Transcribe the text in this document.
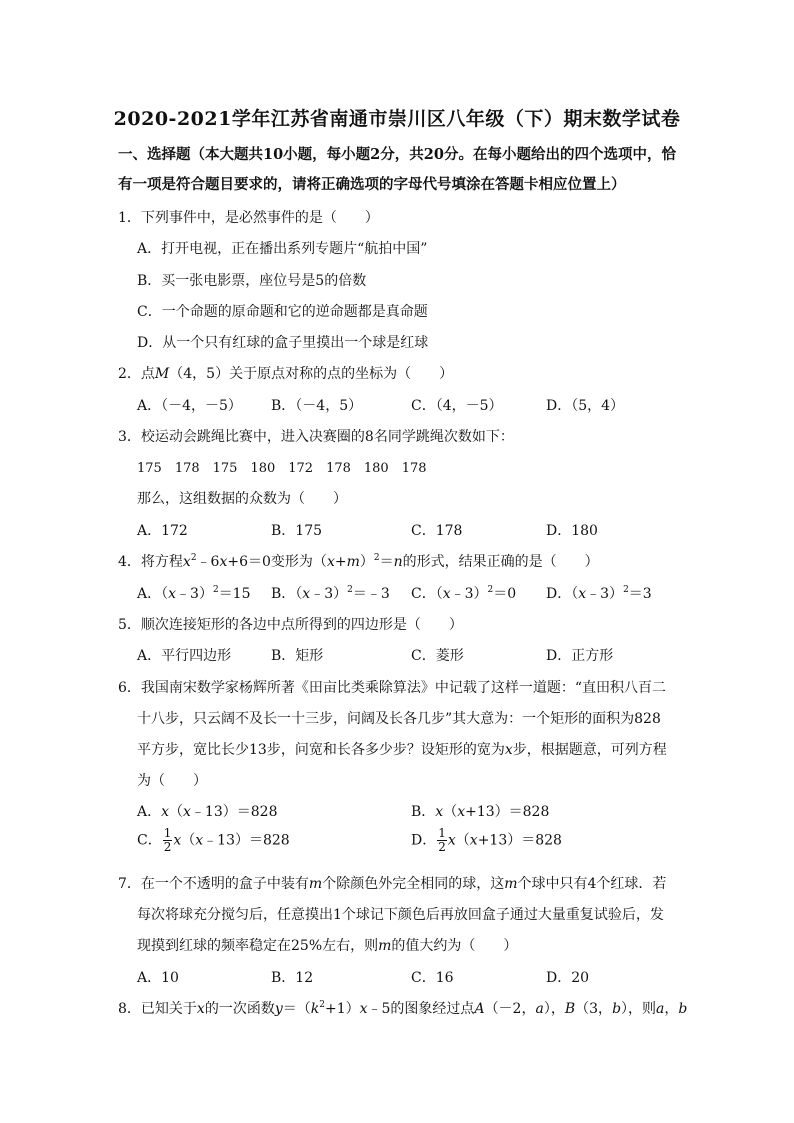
2020-2021学年江苏省南通市崇川区八年级（下）期末数学试卷
一、选择题（本大题共10小题，每小题2分，共20分。在每小题给出的四个选项中，恰
有一项是符合题目要求的，请将正确选项的字母代号填涂在答题卡相应位置上）
1．下列事件中，是必然事件的是（　　）
A．打开电视，正在播出系列专题片“航拍中国”
B．买一张电影票，座位号是5的倍数
C．一个命题的原命题和它的逆命题都是真命题
D．从一个只有红球的盒子里摸出一个球是红球
2．点M（4，5）关于原点对称的点的坐标为（　　）
A．（－4，－5） B．（－4，5）	C．（4，－5）	D．（5，4）
3．校运动会跳绳比赛中，进入决赛圈的8名同学跳绳次数如下：
175　178　175　180　172　178　180　178
那么，这组数据的众数为（　　）
A．172	B．175	C．178	D．180
4．将方程$x^2﹣6x+6=0$变形为$(x+m)^2=n$的形式，结果正确的是（　　）
A．（x﹣3）$^2$＝15 B．（x﹣3）$^2$＝﹣3 C．（x﹣3）$^2$＝0 D．（x﹣3）$^2$＝3
5．顺次连接矩形的各边中点所得到的四边形是（　　）
A．平行四边形	B．矩形	C．菱形	D．正方形
6．我国南宋数学家杨辉所著《田亩比类乘除算法》中记载了这样一道题：“直田积八百二
十八步，只云阔不及长一十三步，问阔及长各几步”其大意为：一个矩形的面积为828
平方步，宽比长少13步，问宽和长各多少步？设矩形的宽为x步，根据题意，可列方程
为（　　）
A．x（x﹣13）＝828	B．x（x+13）＝828
C． $\frac{1}{2}$ x（x﹣13）＝828	D． $\frac{1}{2} x(x+13)=828$
7．在一个不透明的盒子中装有m个除颜色外完全相同的球，这m个球中只有4个红球．若
每次将球充分搅匀后，任意摸出1个球记下颜色后再放回盒子通过大量重复试验后，发
现摸到红球的频率稳定在25%左右，则m的值大约为（　　）
A．10	B．12	C．16	D．20
8．已知关于x的一次函数$y=(k^2+1)x﹣5$的图象经过点A（－2，a），B（3，b），则a，b
